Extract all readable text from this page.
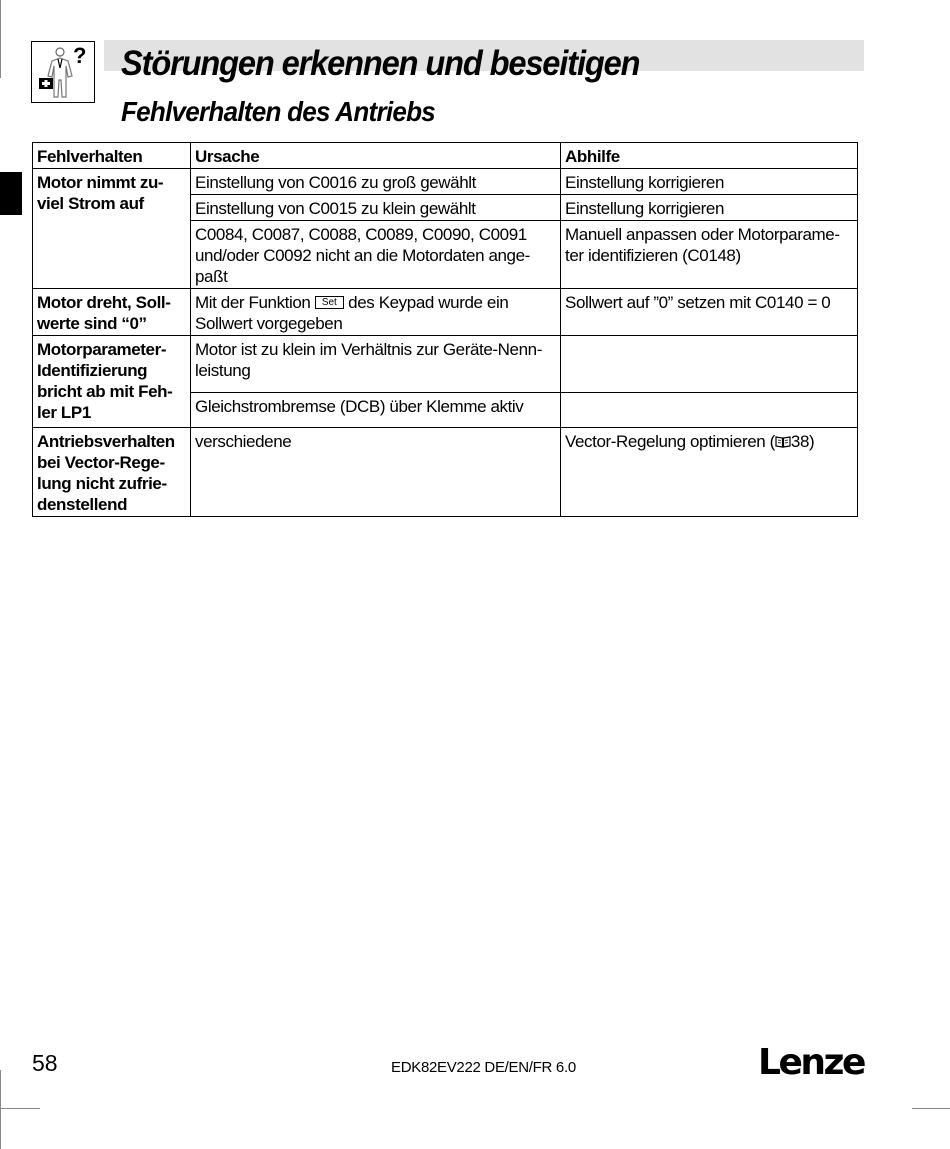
? Störungen erkennen und beseitigen
Fehlverhalten des Antriebs
Fehlverhalten	Ursache	Abhilfe
Motor nimmt zu-viel Strom auf	Einstellung von C0016 zu groß gewählt	Einstellung korrigieren
	Einstellung von C0015 zu klein gewählt	Einstellung korrigieren
	C0084, C0087, C0088, C0089, C0090, C0091 und/oder C0092 nicht an die Motordaten ange-paßt	Manuell anpassen oder Motorparame-ter identifizieren (C0148)
Motor dreht, Soll-werte sind “0”	Mit der Funktion Set des Keypad wurde ein Sollwert vorgegeben	Sollwert auf ”0” setzen mit C0140 = 0
Motorparameter-Identifizierung bricht ab mit Feh-ler LP1	Motor ist zu klein im Verhältnis zur Geräte-Nenn-leistung	
	Gleichstrombremse (DCB) über Klemme aktiv	
Antriebsverhalten bei Vector-Rege-lung nicht zufrie-denstellend	verschiedene	Vector-Regelung optimieren ( 38)
58	EDK82EV222 DE/EN/FR 6.0	Lenze
